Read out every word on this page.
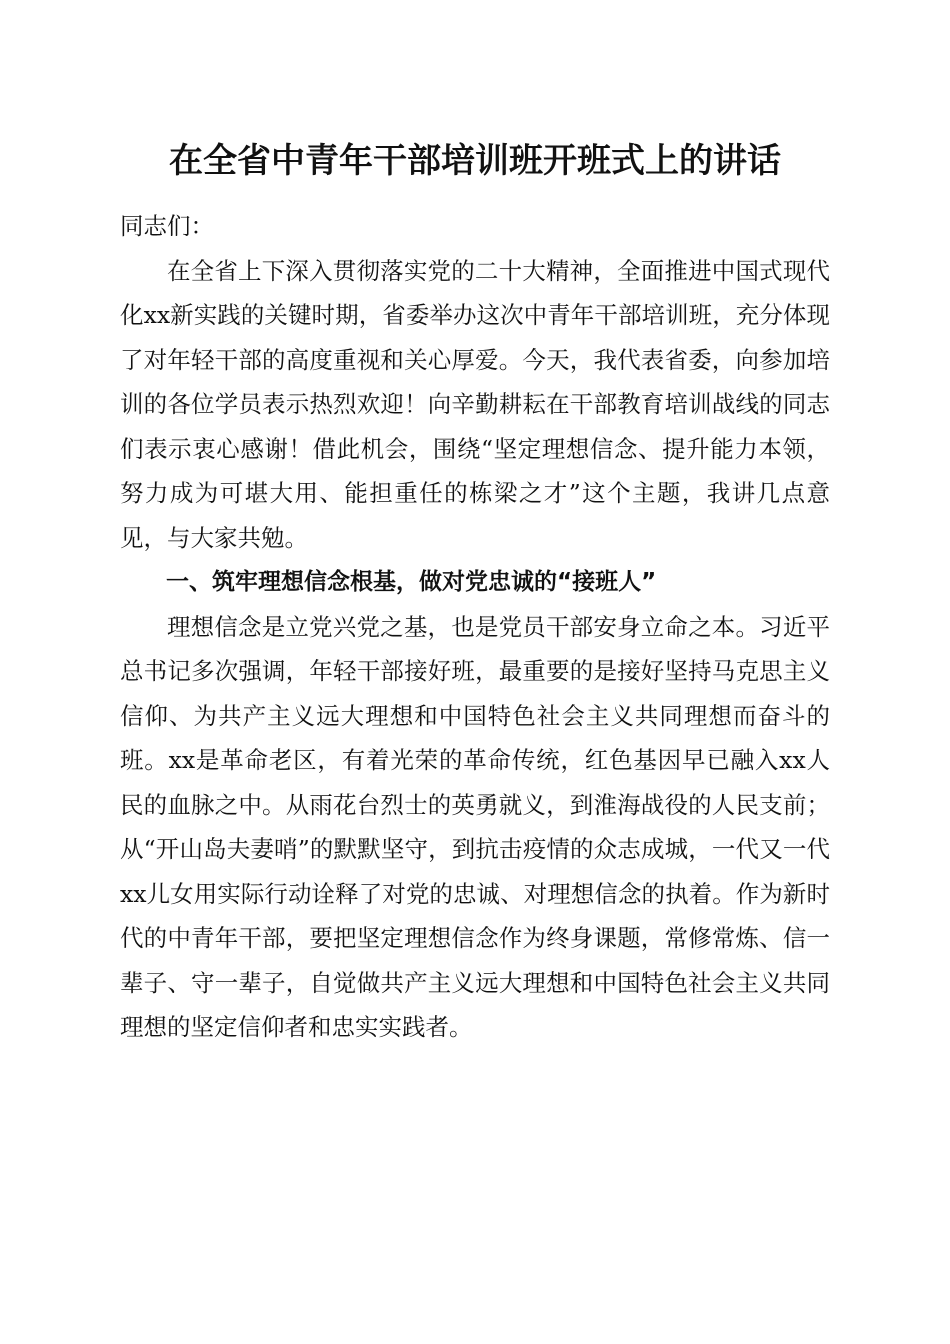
在全省中青年干部培训班开班式上的讲话

同志们：

在全省上下深入贯彻落实党的二十大精神，全面推进中国式现代化xx新实践的关键时期，省委举办这次中青年干部培训班，充分体现了对年轻干部的高度重视和关心厚爱。今天，我代表省委，向参加培训的各位学员表示热烈欢迎！向辛勤耕耘在干部教育培训战线的同志们表示衷心感谢！借此机会，围绕“坚定理想信念、提升能力本领，努力成为可堪大用、能担重任的栋梁之才”这个主题，我讲几点意见，与大家共勉。

一、筑牢理想信念根基，做对党忠诚的“接班人”

理想信念是立党兴党之基，也是党员干部安身立命之本。习近平总书记多次强调，年轻干部接好班，最重要的是接好坚持马克思主义信仰、为共产主义远大理想和中国特色社会主义共同理想而奋斗的班。xx是革命老区，有着光荣的革命传统，红色基因早已融入xx人民的血脉之中。从雨花台烈士的英勇就义，到淮海战役的人民支前；从“开山岛夫妻哨”的默默坚守，到抗击疫情的众志成城，一代又一代xx儿女用实际行动诠释了对党的忠诚、对理想信念的执着。作为新时代的中青年干部，要把坚定理想信念作为终身课题，常修常炼、信一辈子、守一辈子，自觉做共产主义远大理想和中国特色社会主义共同理想的坚定信仰者和忠实实践者。
